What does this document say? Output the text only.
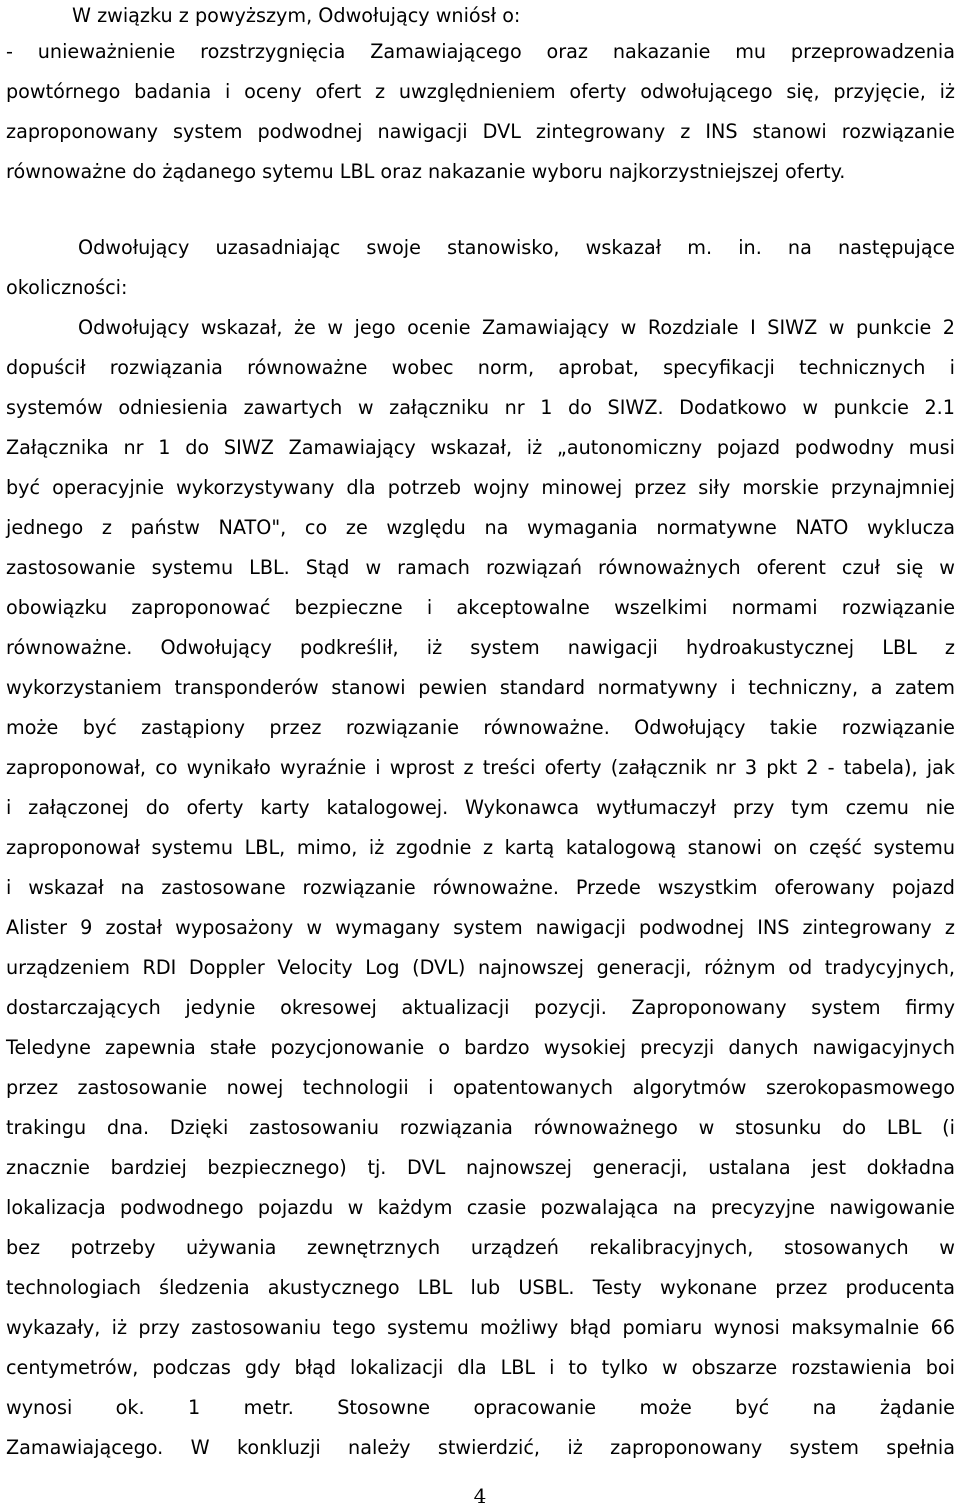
W związku z powyższym, Odwołujący wniósł o:
- unieważnienie rozstrzygnięcia Zamawiającego oraz nakazanie mu przeprowadzenia
powtórnego badania i oceny ofert z uwzględnieniem oferty odwołującego się, przyjęcie, iż
zaproponowany system podwodnej nawigacji DVL zintegrowany z INS stanowi rozwiązanie
równoważne do żądanego sytemu LBL oraz nakazanie wyboru najkorzystniejszej oferty.
Odwołujący uzasadniając swoje stanowisko, wskazał m. in. na następujące
okoliczności:
Odwołujący wskazał, że w jego ocenie Zamawiający w Rozdziale I SIWZ w punkcie 2
dopuścił rozwiązania równoważne wobec norm, aprobat, specyfikacji technicznych i
systemów odniesienia zawartych w załączniku nr 1 do SIWZ. Dodatkowo w punkcie 2.1
Załącznika nr 1 do SIWZ Zamawiający wskazał, iż „autonomiczny pojazd podwodny musi
być operacyjnie wykorzystywany dla potrzeb wojny minowej przez siły morskie przynajmniej
jednego z państw NATO", co ze względu na wymagania normatywne NATO wyklucza
zastosowanie systemu LBL. Stąd w ramach rozwiązań równoważnych oferent czuł się w
obowiązku zaproponować bezpieczne i akceptowalne wszelkimi normami rozwiązanie
równoważne. Odwołujący podkreślił, iż system nawigacji hydroakustycznej LBL z
wykorzystaniem transponderów stanowi pewien standard normatywny i techniczny, a zatem
może być zastąpiony przez rozwiązanie równoważne. Odwołujący takie rozwiązanie
zaproponował, co wynikało wyraźnie i wprost z treści oferty (załącznik nr 3 pkt 2 - tabela), jak
i załączonej do oferty karty katalogowej. Wykonawca wytłumaczył przy tym czemu nie
zaproponował systemu LBL, mimo, iż zgodnie z kartą katalogową stanowi on część systemu
i wskazał na zastosowane rozwiązanie równoważne. Przede wszystkim oferowany pojazd
Alister 9 został wyposażony w wymagany system nawigacji podwodnej INS zintegrowany z
urządzeniem RDI Doppler Velocity Log (DVL) najnowszej generacji, różnym od tradycyjnych,
dostarczających jedynie okresowej aktualizacji pozycji. Zaproponowany system firmy
Teledyne zapewnia stałe pozycjonowanie o bardzo wysokiej precyzji danych nawigacyjnych
przez zastosowanie nowej technologii i opatentowanych algorytmów szerokopasmowego
trakingu dna. Dzięki zastosowaniu rozwiązania równoważnego w stosunku do LBL (i
znacznie bardziej bezpiecznego) tj. DVL najnowszej generacji, ustalana jest dokładna
lokalizacja podwodnego pojazdu w każdym czasie pozwalająca na precyzyjne nawigowanie
bez potrzeby używania zewnętrznych urządzeń rekalibracyjnych, stosowanych w
technologiach śledzenia akustycznego LBL lub USBL. Testy wykonane przez producenta
wykazały, iż przy zastosowaniu tego systemu możliwy błąd pomiaru wynosi maksymalnie 66
centymetrów, podczas gdy błąd lokalizacji dla LBL i to tylko w obszarze rozstawienia boi
wynosi ok. 1 metr. Stosowne opracowanie może być na żądanie
Zamawiającego. W konkluzji należy stwierdzić, iż zaproponowany system spełnia
4
